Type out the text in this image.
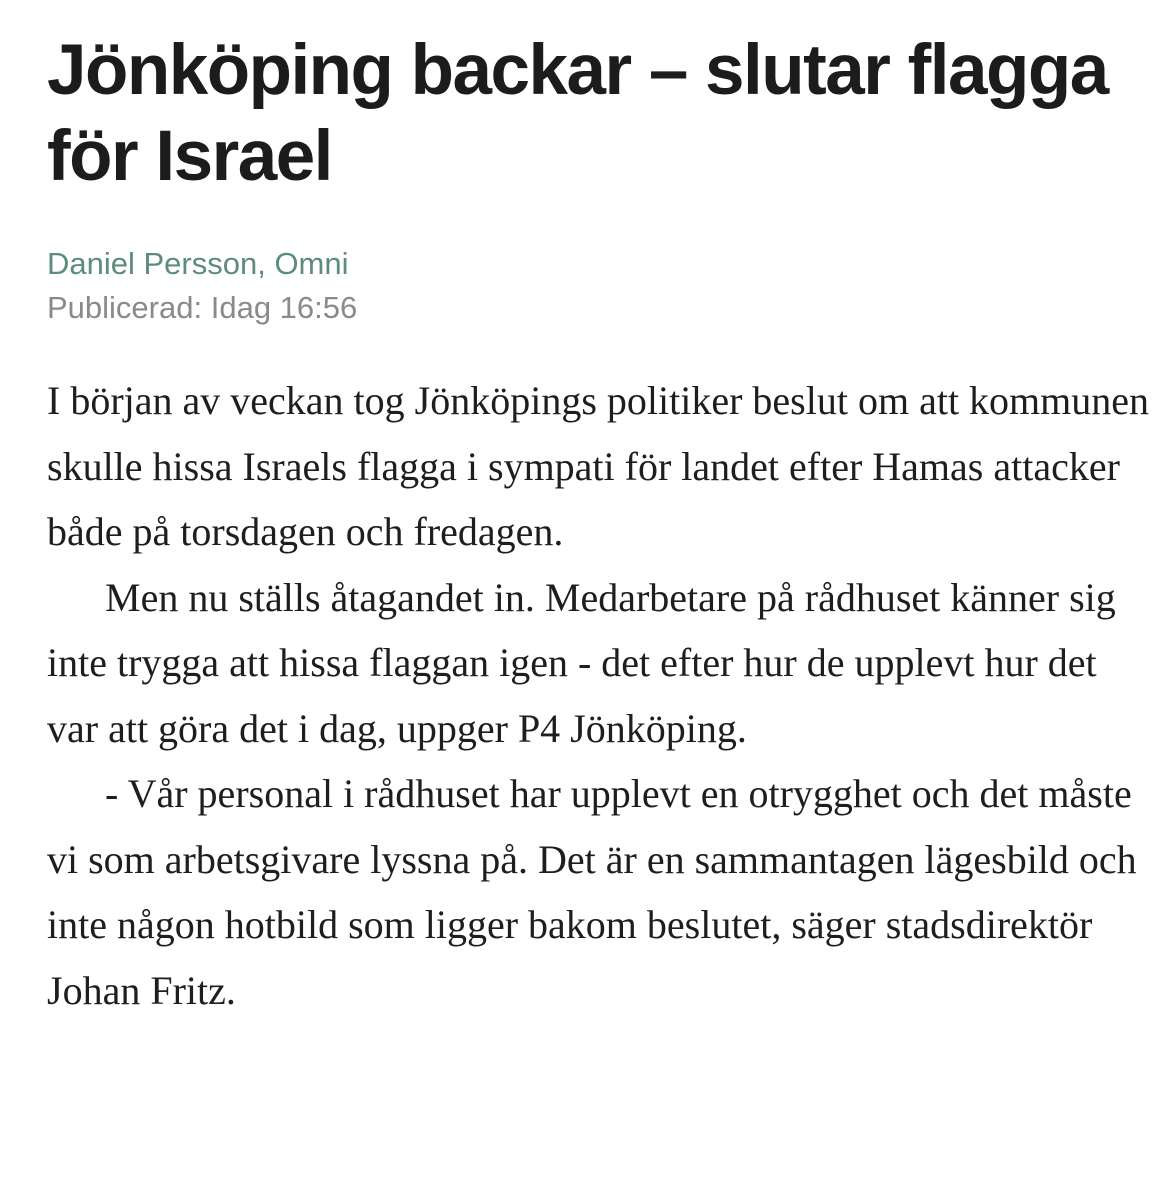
Jönköping backar – slutar flagga för Israel
Daniel Persson, Omni
Publicerad: Idag 16:56

I början av veckan tog Jönköpings politiker beslut om att kommunen skulle hissa Israels flagga i sympati för landet efter Hamas attacker både på torsdagen och fredagen.

Men nu ställs åtagandet in. Medarbetare på rådhuset känner sig inte trygga att hissa flaggan igen - det efter hur de upplevt hur det var att göra det i dag, uppger P4 Jönköping.

- Vår personal i rådhuset har upplevt en otrygghet och det måste vi som arbetsgivare lyssna på. Det är en sammantagen lägesbild och inte någon hotbild som ligger bakom beslutet, säger stadsdirektör Johan Fritz.
